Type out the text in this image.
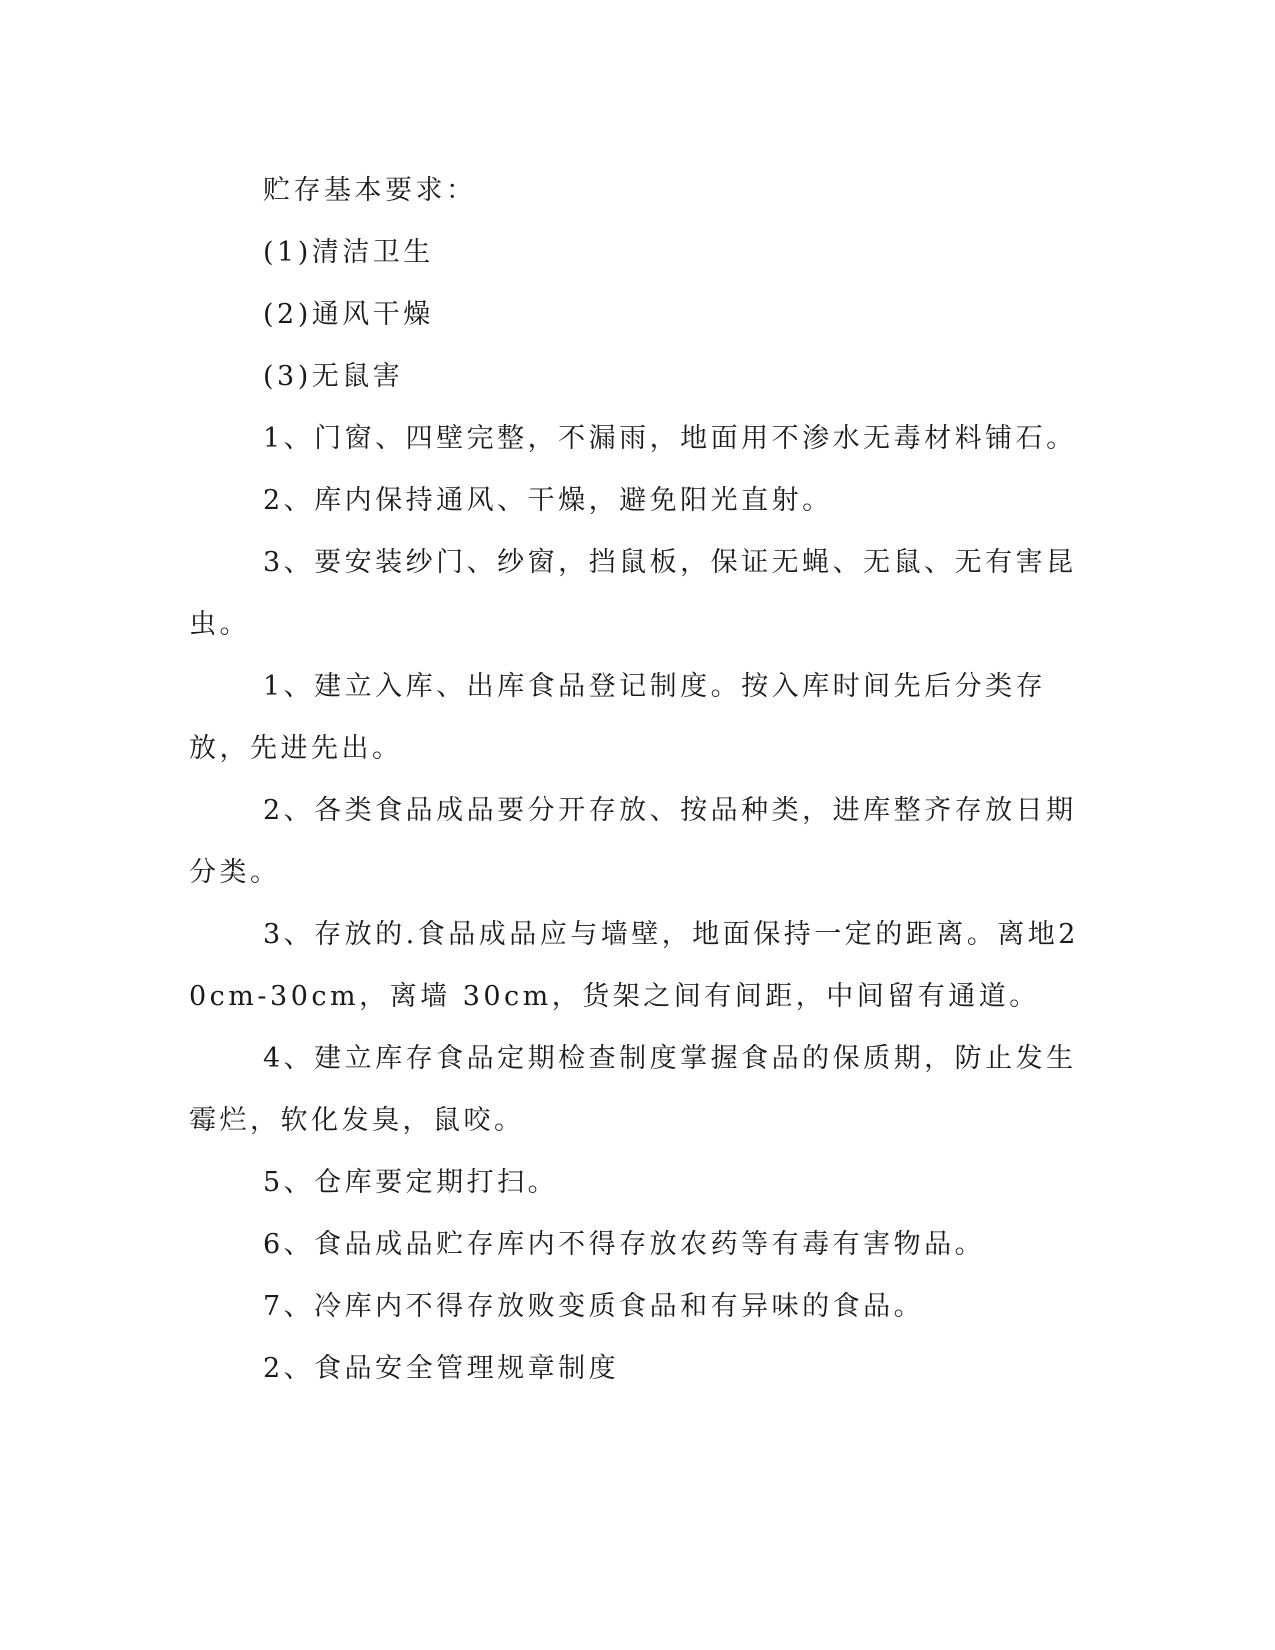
贮存基本要求：

(1)清洁卫生

(2)通风干燥

(3)无鼠害

1、门窗、四壁完整，不漏雨，地面用不渗水无毒材料铺石。

2、库内保持通风、干燥，避免阳光直射。

3、要安装纱门、纱窗，挡鼠板，保证无蝇、无鼠、无有害昆虫。

1、建立入库、出库食品登记制度。按入库时间先后分类存放，先进先出。

2、各类食品成品要分开存放、按品种类，进库整齐存放日期分类。

3、存放的.食品成品应与墙壁，地面保持一定的距离。离地20cm-30cm，离墙 30cm，货架之间有间距，中间留有通道。

4、建立库存食品定期检查制度掌握食品的保质期，防止发生霉烂，软化发臭，鼠咬。

5、仓库要定期打扫。

6、食品成品贮存库内不得存放农药等有毒有害物品。

7、冷库内不得存放败变质食品和有异味的食品。

2、食品安全管理规章制度
